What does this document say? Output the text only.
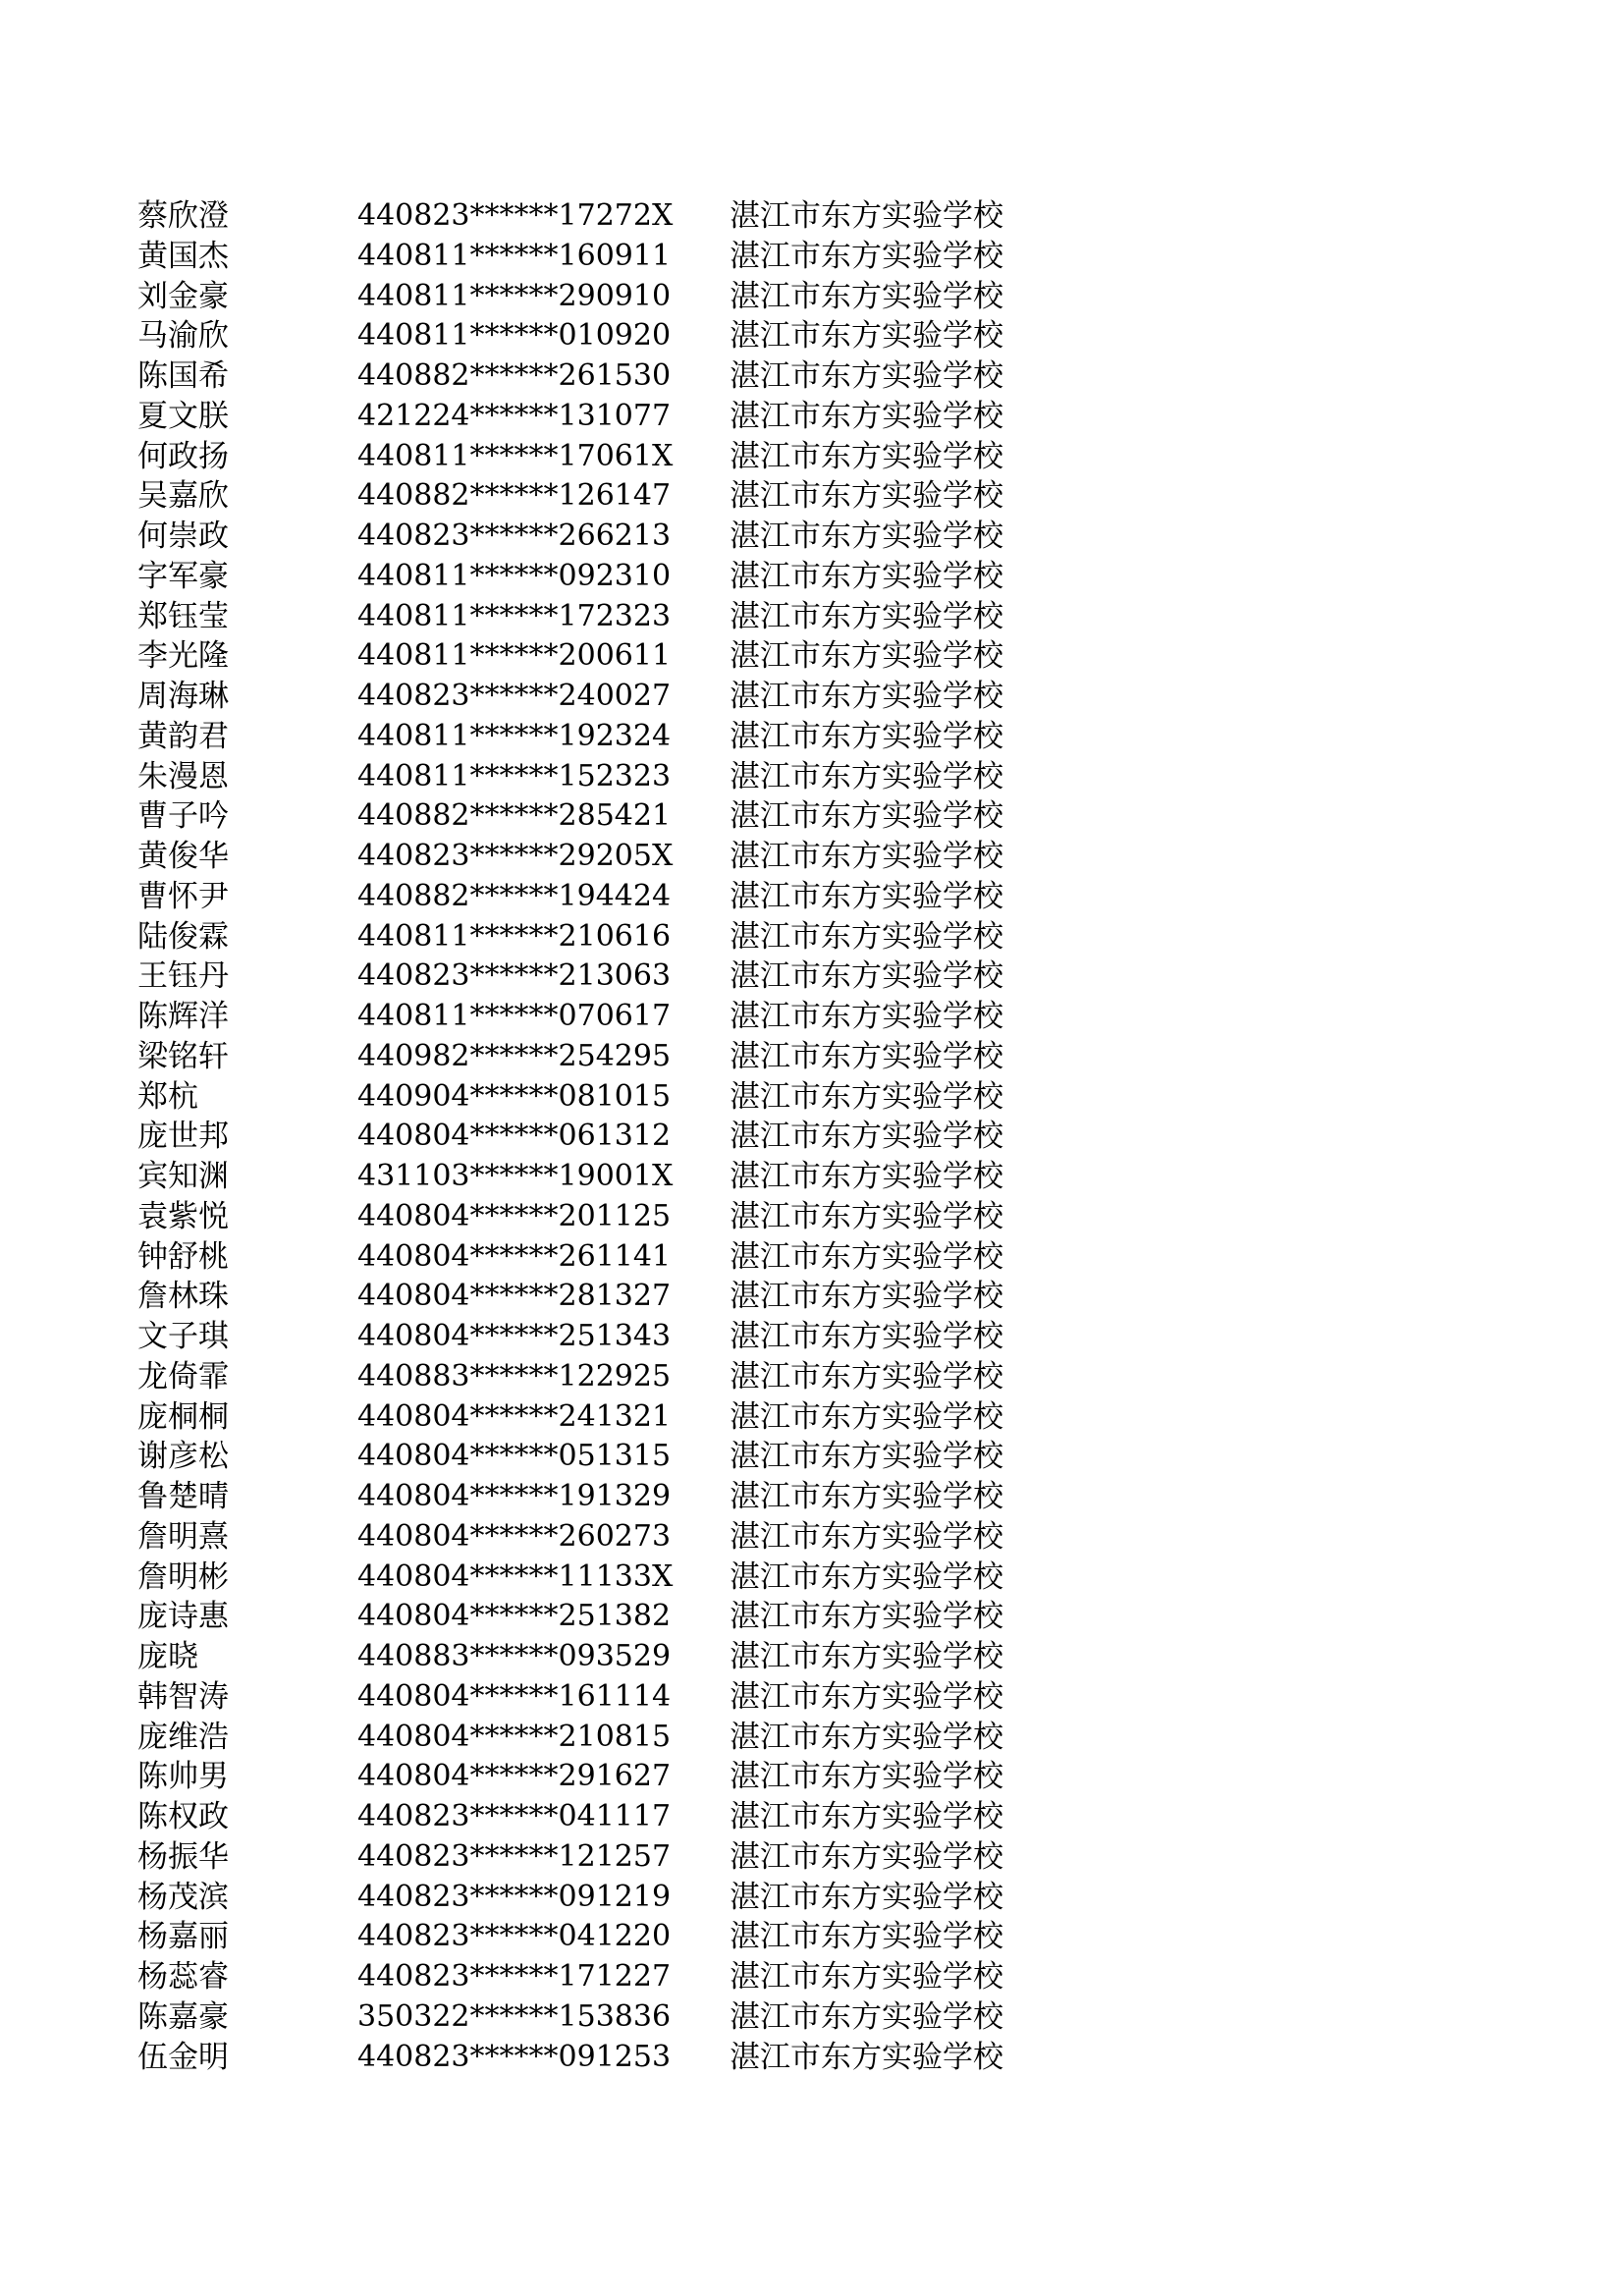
蔡欣澄	440823******17272X	湛江市东方实验学校
黄国杰	440811******160911	湛江市东方实验学校
刘金豪	440811******290910	湛江市东方实验学校
马渝欣	440811******010920	湛江市东方实验学校
陈国希	440882******261530	湛江市东方实验学校
夏文朕	421224******131077	湛江市东方实验学校
何政扬	440811******17061X	湛江市东方实验学校
吴嘉欣	440882******126147	湛江市东方实验学校
何崇政	440823******266213	湛江市东方实验学校
字军豪	440811******092310	湛江市东方实验学校
郑钰莹	440811******172323	湛江市东方实验学校
李光隆	440811******200611	湛江市东方实验学校
周海琳	440823******240027	湛江市东方实验学校
黄韵君	440811******192324	湛江市东方实验学校
朱漫恩	440811******152323	湛江市东方实验学校
曹子吟	440882******285421	湛江市东方实验学校
黄俊华	440823******29205X	湛江市东方实验学校
曹怀尹	440882******194424	湛江市东方实验学校
陆俊霖	440811******210616	湛江市东方实验学校
王钰丹	440823******213063	湛江市东方实验学校
陈辉洋	440811******070617	湛江市东方实验学校
梁铭轩	440982******254295	湛江市东方实验学校
郑杭	440904******081015	湛江市东方实验学校
庞世邦	440804******061312	湛江市东方实验学校
宾知渊	431103******19001X	湛江市东方实验学校
袁紫悦	440804******201125	湛江市东方实验学校
钟舒桃	440804******261141	湛江市东方实验学校
詹林珠	440804******281327	湛江市东方实验学校
文子琪	440804******251343	湛江市东方实验学校
龙倚霏	440883******122925	湛江市东方实验学校
庞桐桐	440804******241321	湛江市东方实验学校
谢彦松	440804******051315	湛江市东方实验学校
鲁楚晴	440804******191329	湛江市东方实验学校
詹明熹	440804******260273	湛江市东方实验学校
詹明彬	440804******11133X	湛江市东方实验学校
庞诗惠	440804******251382	湛江市东方实验学校
庞晓	440883******093529	湛江市东方实验学校
韩智涛	440804******161114	湛江市东方实验学校
庞维浩	440804******210815	湛江市东方实验学校
陈帅男	440804******291627	湛江市东方实验学校
陈权政	440823******041117	湛江市东方实验学校
杨振华	440823******121257	湛江市东方实验学校
杨茂滨	440823******091219	湛江市东方实验学校
杨嘉丽	440823******041220	湛江市东方实验学校
杨蕊睿	440823******171227	湛江市东方实验学校
陈嘉豪	350322******153836	湛江市东方实验学校
伍金明	440823******091253	湛江市东方实验学校
